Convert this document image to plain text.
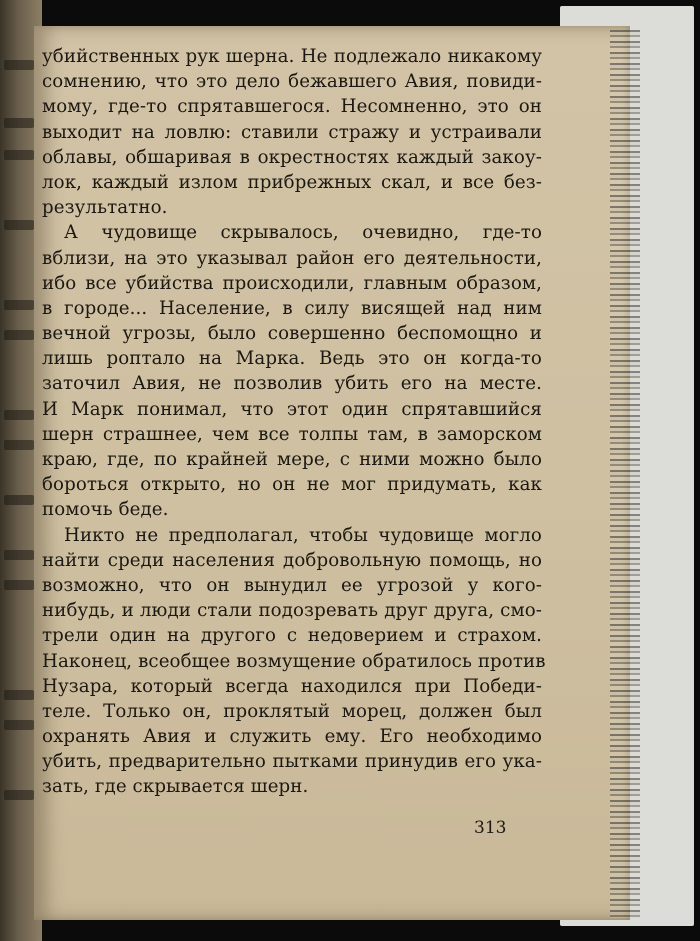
убийственных рук шерна. Не подлежало никакому
сомнению, что это дело бежавшего Авия, повиди-
мому, где-то спрятавшегося. Несомненно, это он
выходит на ловлю: ставили стражу и устраивали
облавы, обшаривая в окрестностях каждый закоу-
лок, каждый излом прибрежных скал, и все без-
результатно.
А чудовище скрывалось, очевидно, где-то
вблизи, на это указывал район его деятельности,
ибо все убийства происходили, главным образом,
в городе... Население, в силу висящей над ним
вечной угрозы, было совершенно беспомощно и
лишь роптало на Марка. Ведь это он когда-то
заточил Авия, не позволив убить его на месте.
И Марк понимал, что этот один спрятавшийся
шерн страшнее, чем все толпы там, в заморском
краю, где, по крайней мере, с ними можно было
бороться открыто, но он не мог придумать, как
помочь беде.
Никто не предполагал, чтобы чудовище могло
найти среди населения добровольную помощь, но
возможно, что он вынудил ее угрозой у кого-
нибудь, и люди стали подозревать друг друга, смо-
трели один на другого с недоверием и страхом.
Наконец, всеобщее возмущение обратилось против
Нузара, который всегда находился при Победи-
теле. Только он, проклятый морец, должен был
охранять Авия и служить ему. Его необходимо
убить, предварительно пытками принудив его ука-
зать, где скрывается шерн.
313
